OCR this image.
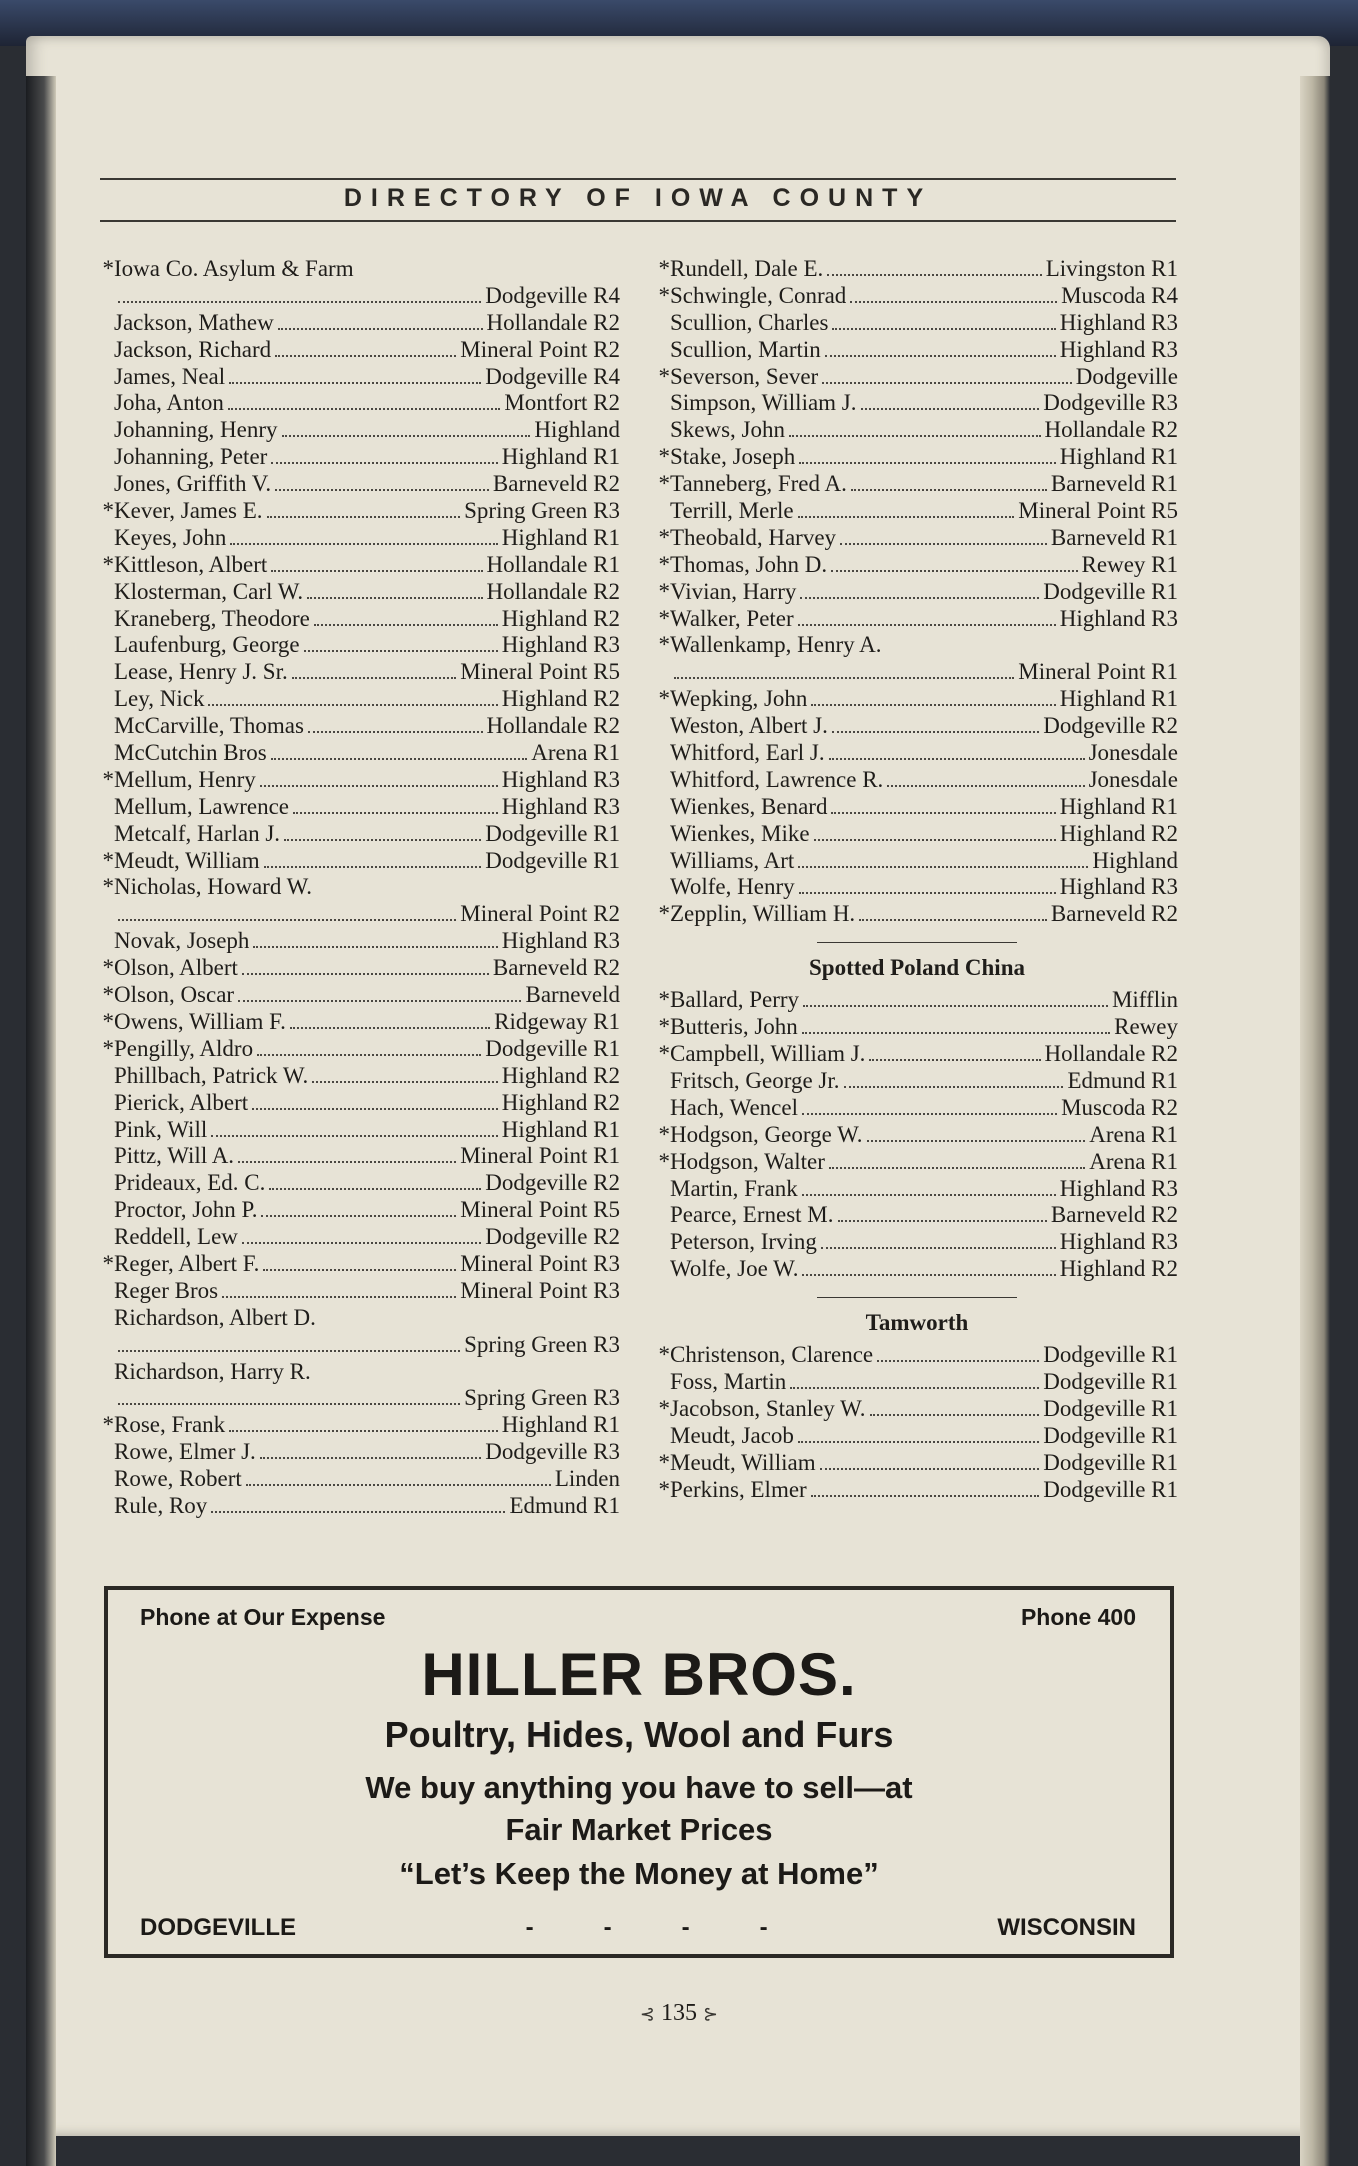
DIRECTORY OF IOWA COUNTY
* Iowa Co. Asylum & Farm
Dodgeville R4
Jackson, Mathew	Hollandale R2
Jackson, Richard	Mineral Point R2
James, Neal	Dodgeville R4
Joha, Anton	Montfort R2
Johanning, Henry	Highland
Johanning, Peter	Highland R1
Jones, Griffith V.	Barneveld R2
* Kever, James E.	Spring Green R3
Keyes, John	Highland R1
* Kittleson, Albert	Hollandale R1
Klosterman, Carl W.	Hollandale R2
Kraneberg, Theodore	Highland R2
Laufenburg, George	Highland R3
Lease, Henry J. Sr.	Mineral Point R5
Ley, Nick	Highland R2
McCarville, Thomas	Hollandale R2
McCutchin Bros	Arena R1
* Mellum, Henry	Highland R3
Mellum, Lawrence	Highland R3
Metcalf, Harlan J.	Dodgeville R1
* Meudt, William	Dodgeville R1
* Nicholas, Howard W.
Mineral Point R2
Novak, Joseph	Highland R3
* Olson, Albert	Barneveld R2
* Olson, Oscar	Barneveld
* Owens, William F.	Ridgeway R1
* Pengilly, Aldro	Dodgeville R1
Phillbach, Patrick W.	Highland R2
Pierick, Albert	Highland R2
Pink, Will	Highland R1
Pittz, Will A.	Mineral Point R1
Prideaux, Ed. C.	Dodgeville R2
Proctor, John P.	Mineral Point R5
Reddell, Lew	Dodgeville R2
* Reger, Albert F.	Mineral Point R3
Reger Bros	Mineral Point R3
Richardson, Albert D.
Spring Green R3
Richardson, Harry R.
Spring Green R3
* Rose, Frank	Highland R1
Rowe, Elmer J.	Dodgeville R3
Rowe, Robert	Linden
Rule, Roy	Edmund R1
* Rundell, Dale E.	Livingston R1
* Schwingle, Conrad	Muscoda R4
Scullion, Charles	Highland R3
Scullion, Martin	Highland R3
* Severson, Sever	Dodgeville
Simpson, William J.	Dodgeville R3
Skews, John	Hollandale R2
* Stake, Joseph	Highland R1
* Tanneberg, Fred A.	Barneveld R1
Terrill, Merle	Mineral Point R5
* Theobald, Harvey	Barneveld R1
* Thomas, John D.	Rewey R1
* Vivian, Harry	Dodgeville R1
* Walker, Peter	Highland R3
* Wallenkamp, Henry A.
Mineral Point R1
* Wepking, John	Highland R1
Weston, Albert J.	Dodgeville R2
Whitford, Earl J.	Jonesdale
Whitford, Lawrence R.	Jonesdale
Wienkes, Benard	Highland R1
Wienkes, Mike	Highland R2
Williams, Art	Highland
Wolfe, Henry	Highland R3
* Zepplin, William H.	Barneveld R2
Spotted Poland China
* Ballard, Perry	Mifflin
* Butteris, John	Rewey
* Campbell, William J.	Hollandale R2
Fritsch, George Jr.	Edmund R1
Hach, Wencel	Muscoda R2
* Hodgson, George W.	Arena R1
* Hodgson, Walter	Arena R1
Martin, Frank	Highland R3
Pearce, Ernest M.	Barneveld R2
Peterson, Irving	Highland R3
Wolfe, Joe W.	Highland R2
Tamworth
* Christenson, Clarence	Dodgeville R1
Foss, Martin	Dodgeville R1
* Jacobson, Stanley W.	Dodgeville R1
Meudt, Jacob	Dodgeville R1
* Meudt, William	Dodgeville R1
* Perkins, Elmer	Dodgeville R1
Phone at Our Expense	Phone 400
HILLER BROS.
Poultry, Hides, Wool and Furs
We buy anything you have to sell—at
Fair Market Prices
“Let’s Keep the Money at Home”
DODGEVILLE	-	-	-	-	WISCONSIN
⊰ 135 ⊱
